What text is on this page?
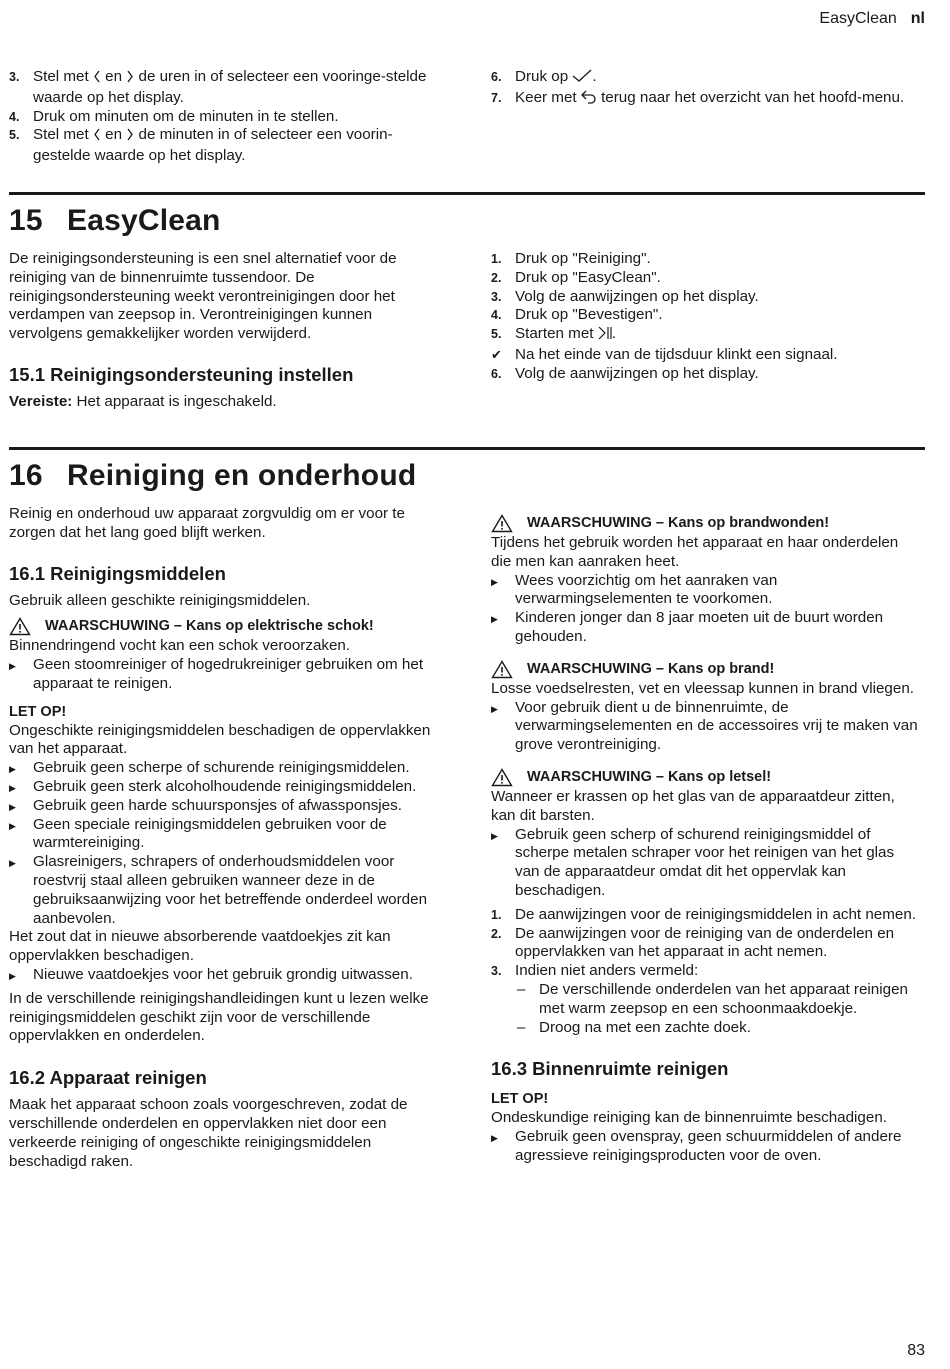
EasyClean nl
3. Stel met  en  de uren in of selecteer een vooringe-stelde waarde op het display.
4. Druk om minuten om de minuten in te stellen.
5. Stel met  en  de minuten in of selecteer een voorin-gestelde waarde op het display.
6. Druk op .
7. Keer met  terug naar het overzicht van het hoofd-menu.
15 EasyClean

De reinigingsondersteuning is een snel alternatief voor de reiniging van de binnenruimte tussendoor. De reinigingsondersteuning weekt verontreinigingen door het verdampen van zeepsop in. Verontreinigingen kunnen vervolgens gemakkelijker worden verwijderd.

15.1 Reinigingsondersteuning instellen

Vereiste: Het apparaat is ingeschakeld.

1. Druk op "Reiniging".
2. Druk op "EasyClean".
3. Volg de aanwijzingen op het display.
4. Druk op "Bevestigen".
5. Starten met .
✔ Na het einde van de tijdsduur klinkt een signaal.
6. Volg de aanwijzingen op het display.
16 Reiniging en onderhoud

Reinig en onderhoud uw apparaat zorgvuldig om er voor te zorgen dat het lang goed blijft werken.

16.1 Reinigingsmiddelen

Gebruik alleen geschikte reinigingsmiddelen.

WAARSCHUWING – Kans op elektrische schok!

Binnendringend vocht kan een schok veroorzaken.

▶	Geen stoomreiniger of hogedrukreiniger gebruiken om het apparaat te reinigen.

LET OP!

Ongeschikte reinigingsmiddelen beschadigen de oppervlakken van het apparaat.

▶	Gebruik geen scherpe of schurende reinigingsmiddelen.
▶	Gebruik geen sterk alcoholhoudende reinigingsmiddelen.
▶	Gebruik geen harde schuursponsjes of afwassponsjes.
▶	Geen speciale reinigingsmiddelen gebruiken voor de warmtereiniging.
▶	Glasreinigers, schrapers of onderhoudsmiddelen voor roestvrij staal alleen gebruiken wanneer deze in de gebruiksaanwijzing voor het betreffende onderdeel worden aanbevolen.

Het zout dat in nieuwe absorberende vaatdoekjes zit kan oppervlakken beschadigen.

▶	Nieuwe vaatdoekjes voor het gebruik grondig uitwassen.

In de verschillende reinigingshandleidingen kunt u lezen welke reinigingsmiddelen geschikt zijn voor de verschillende oppervlakken en onderdelen.

16.2 Apparaat reinigen

Maak het apparaat schoon zoals voorgeschreven, zodat de verschillende onderdelen en oppervlakken niet door een verkeerde reiniging of ongeschikte reinigingsmiddelen beschadigd raken.

WAARSCHUWING – Kans op brandwonden!

Tijdens het gebruik worden het apparaat en haar onderdelen die men kan aanraken heet.

▶	Wees voorzichtig om het aanraken van verwarmingselementen te voorkomen.
▶	Kinderen jonger dan 8 jaar moeten uit de buurt worden gehouden.
WAARSCHUWING – Kans op brand!

Losse voedselresten, vet en vleessap kunnen in brand vliegen.

▶	Voor gebruik dient u de binnenruimte, de verwarmingselementen en de accessoires vrij te maken van grove verontreiniging.
WAARSCHUWING – Kans op letsel!

Wanneer er krassen op het glas van de apparaatdeur zitten, kan dit barsten.

▶	Gebruik geen scherp of schurend reinigingsmiddel of scherpe metalen schraper voor het reinigen van het glas van de apparaatdeur omdat dit het oppervlak kan beschadigen.
1. De aanwijzingen voor de reinigingsmiddelen in acht nemen.
2. De aanwijzingen voor de reiniging van de onderdelen en oppervlakken van het apparaat in acht nemen.
3. Indien niet anders vermeld:
– De verschillende onderdelen van het apparaat reinigen met warm zeepsop en een schoonmaakdoekje.
– Droog na met een zachte doek.
16.3 Binnenruimte reinigen

LET OP!

Ondeskundige reiniging kan de binnenruimte beschadigen.

▶	Gebruik geen ovenspray, geen schuurmiddelen of andere agressieve reinigingsproducten voor de oven.
83
